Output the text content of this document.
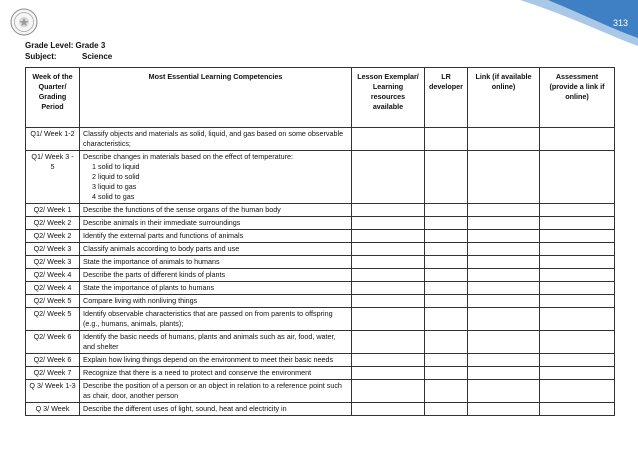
313
Grade Level: Grade 3
Subject:	Science
Week of the Quarter/ Grading Period	Most Essential Learning Competencies	Lesson Exemplar/ Learning resources available	LR developer	Link (if available online)	Assessment (provide a link if online)
Q1/ Week 1-2	Classify objects and materials as solid, liquid, and gas based on some observable characteristics;				

Q1/ Week 3 - 5	Describe changes in materials based on the effect of temperature:
1 solid to liquid
2 liquid to solid
3 liquid to gas
4 solid to gas				

Q2/ Week 1	Describe the functions of the sense organs of the human body				

Q2/ Week 2	Describe animals in their immediate surroundings				

Q2/ Week 2	Identify the external parts and functions of animals				

Q2/ Week 3	Classify animals according to body parts and use				

Q2/ Week 3	State the importance of animals to humans				

Q2/ Week 4	Describe the parts of different kinds of plants				

Q2/ Week 4	State the importance of plants to humans				

Q2/ Week 5	Compare living with nonliving things				

Q2/ Week 5	Identify observable characteristics that are passed on from parents to offspring (e.g., humans, animals, plants);				

Q2/ Week 6	Identify the basic needs of humans, plants and animals such as air, food, water, and shelter				

Q2/ Week 6	Explain how living things depend on the environment to meet their basic needs				

Q2/ Week 7	Recognize that there is a need to protect and conserve the environment				

Q 3/ Week 1-3	Describe the position of a person or an object in relation to a reference point such as chair, door, another person				

Q 3/ Week	Describe the different uses of light, sound, heat and electricity in				
